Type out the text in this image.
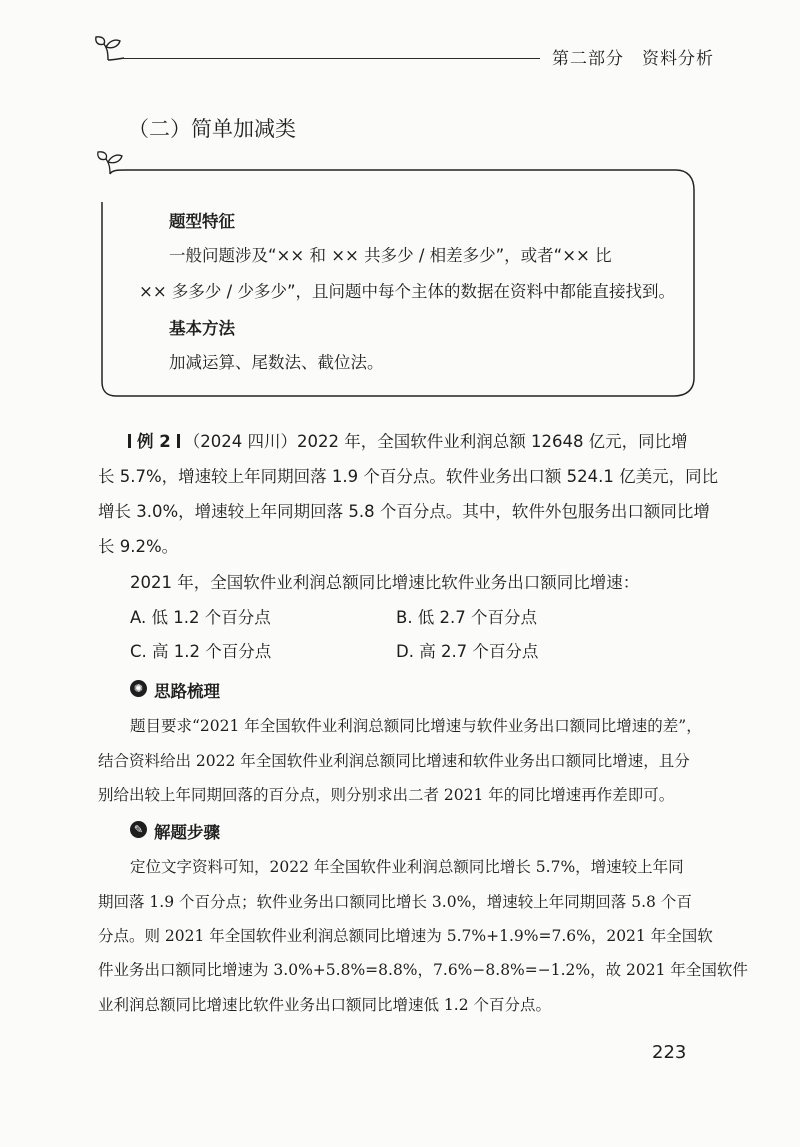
第二部分　资料分析
（二）简单加减类
题型特征
一般问题涉及“×× 和 ×× 共多少 / 相差多少”，或者“×× 比
×× 多多少 / 少多少”，且问题中每个主体的数据在资料中都能直接找到。
基本方法
加减运算、尾数法、截位法。
例 2 （2024 四川）2022 年，全国软件业利润总额 12648 亿元，同比增
长 5.7%，增速较上年同期回落 1.9 个百分点。软件业务出口额 524.1 亿美元，同比
增长 3.0%，增速较上年同期回落 5.8 个百分点。其中，软件外包服务出口额同比增
长 9.2%。
2021 年，全国软件业利润总额同比增速比软件业务出口额同比增速：
A. 低 1.2 个百分点	B. 低 2.7 个百分点
C. 高 1.2 个百分点	D. 高 2.7 个百分点
✺ 思路梳理
题目要求“2021 年全国软件业利润总额同比增速与软件业务出口额同比增速的差”，
结合资料给出 2022 年全国软件业利润总额同比增速和软件业务出口额同比增速，且分
别给出较上年同期回落的百分点，则分别求出二者 2021 年的同比增速再作差即可。
✎ 解题步骤
定位文字资料可知，2022 年全国软件业利润总额同比增长 5.7%，增速较上年同
期回落 1.9 个百分点；软件业务出口额同比增长 3.0%，增速较上年同期回落 5.8 个百
分点。则 2021 年全国软件业利润总额同比增速为 5.7%+1.9%=7.6%，2021 年全国软
件业务出口额同比增速为 3.0%+5.8%=8.8%，7.6%−8.8%=−1.2%，故 2021 年全国软件
业利润总额同比增速比软件业务出口额同比增速低 1.2 个百分点。
223
